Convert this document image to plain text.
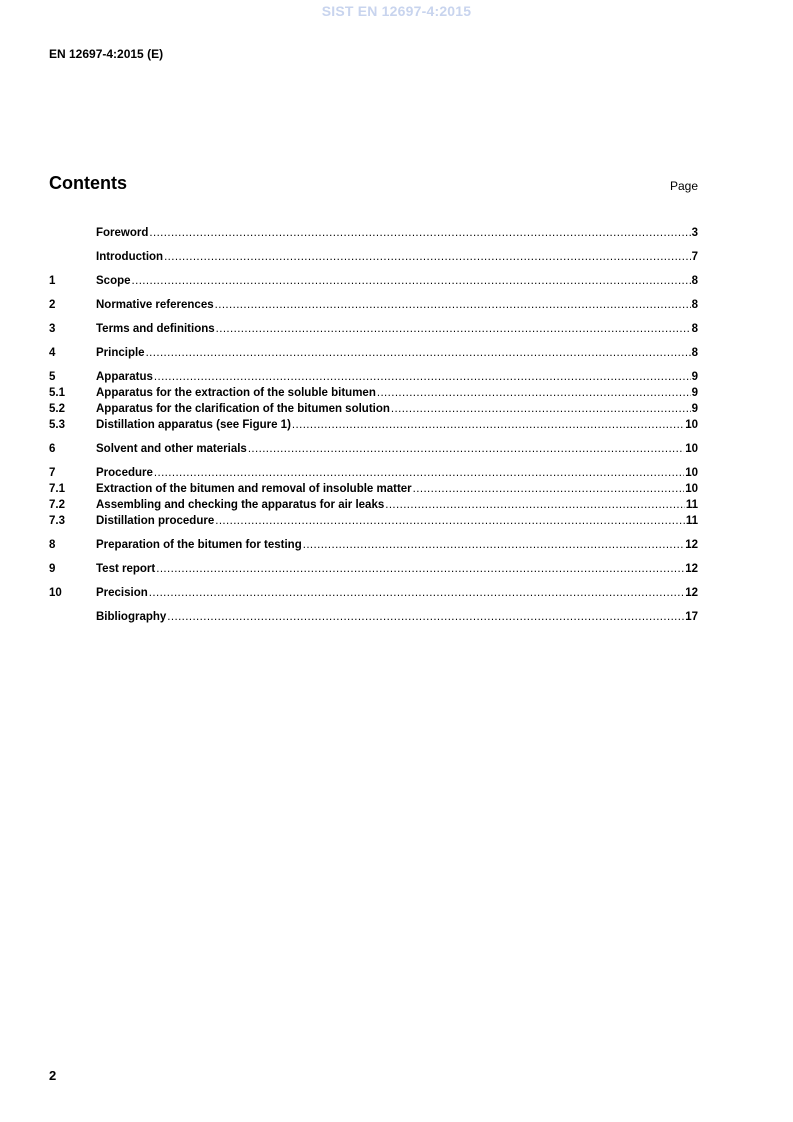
SIST EN 12697-4:2015
EN 12697-4:2015 (E)
Contents	Page
Foreword .....	3
Introduction .....	7
1	Scope .....	8
2	Normative references .....	8
3	Terms and definitions .....	8
4	Principle .....	8
5	Apparatus .....	9
5.1	Apparatus for the extraction of the soluble bitumen .....	9
5.2	Apparatus for the clarification of the bitumen solution .....	9
5.3	Distillation apparatus (see Figure 1) .....	10
6	Solvent and other materials .....	10
7	Procedure .....	10
7.1	Extraction of the bitumen and removal of insoluble matter .....	10
7.2	Assembling and checking the apparatus for air leaks .....	11
7.3	Distillation procedure .....	11
8	Preparation of the bitumen for testing .....	12
9	Test report .....	12
10	Precision .....	12
Bibliography .....	17
2
